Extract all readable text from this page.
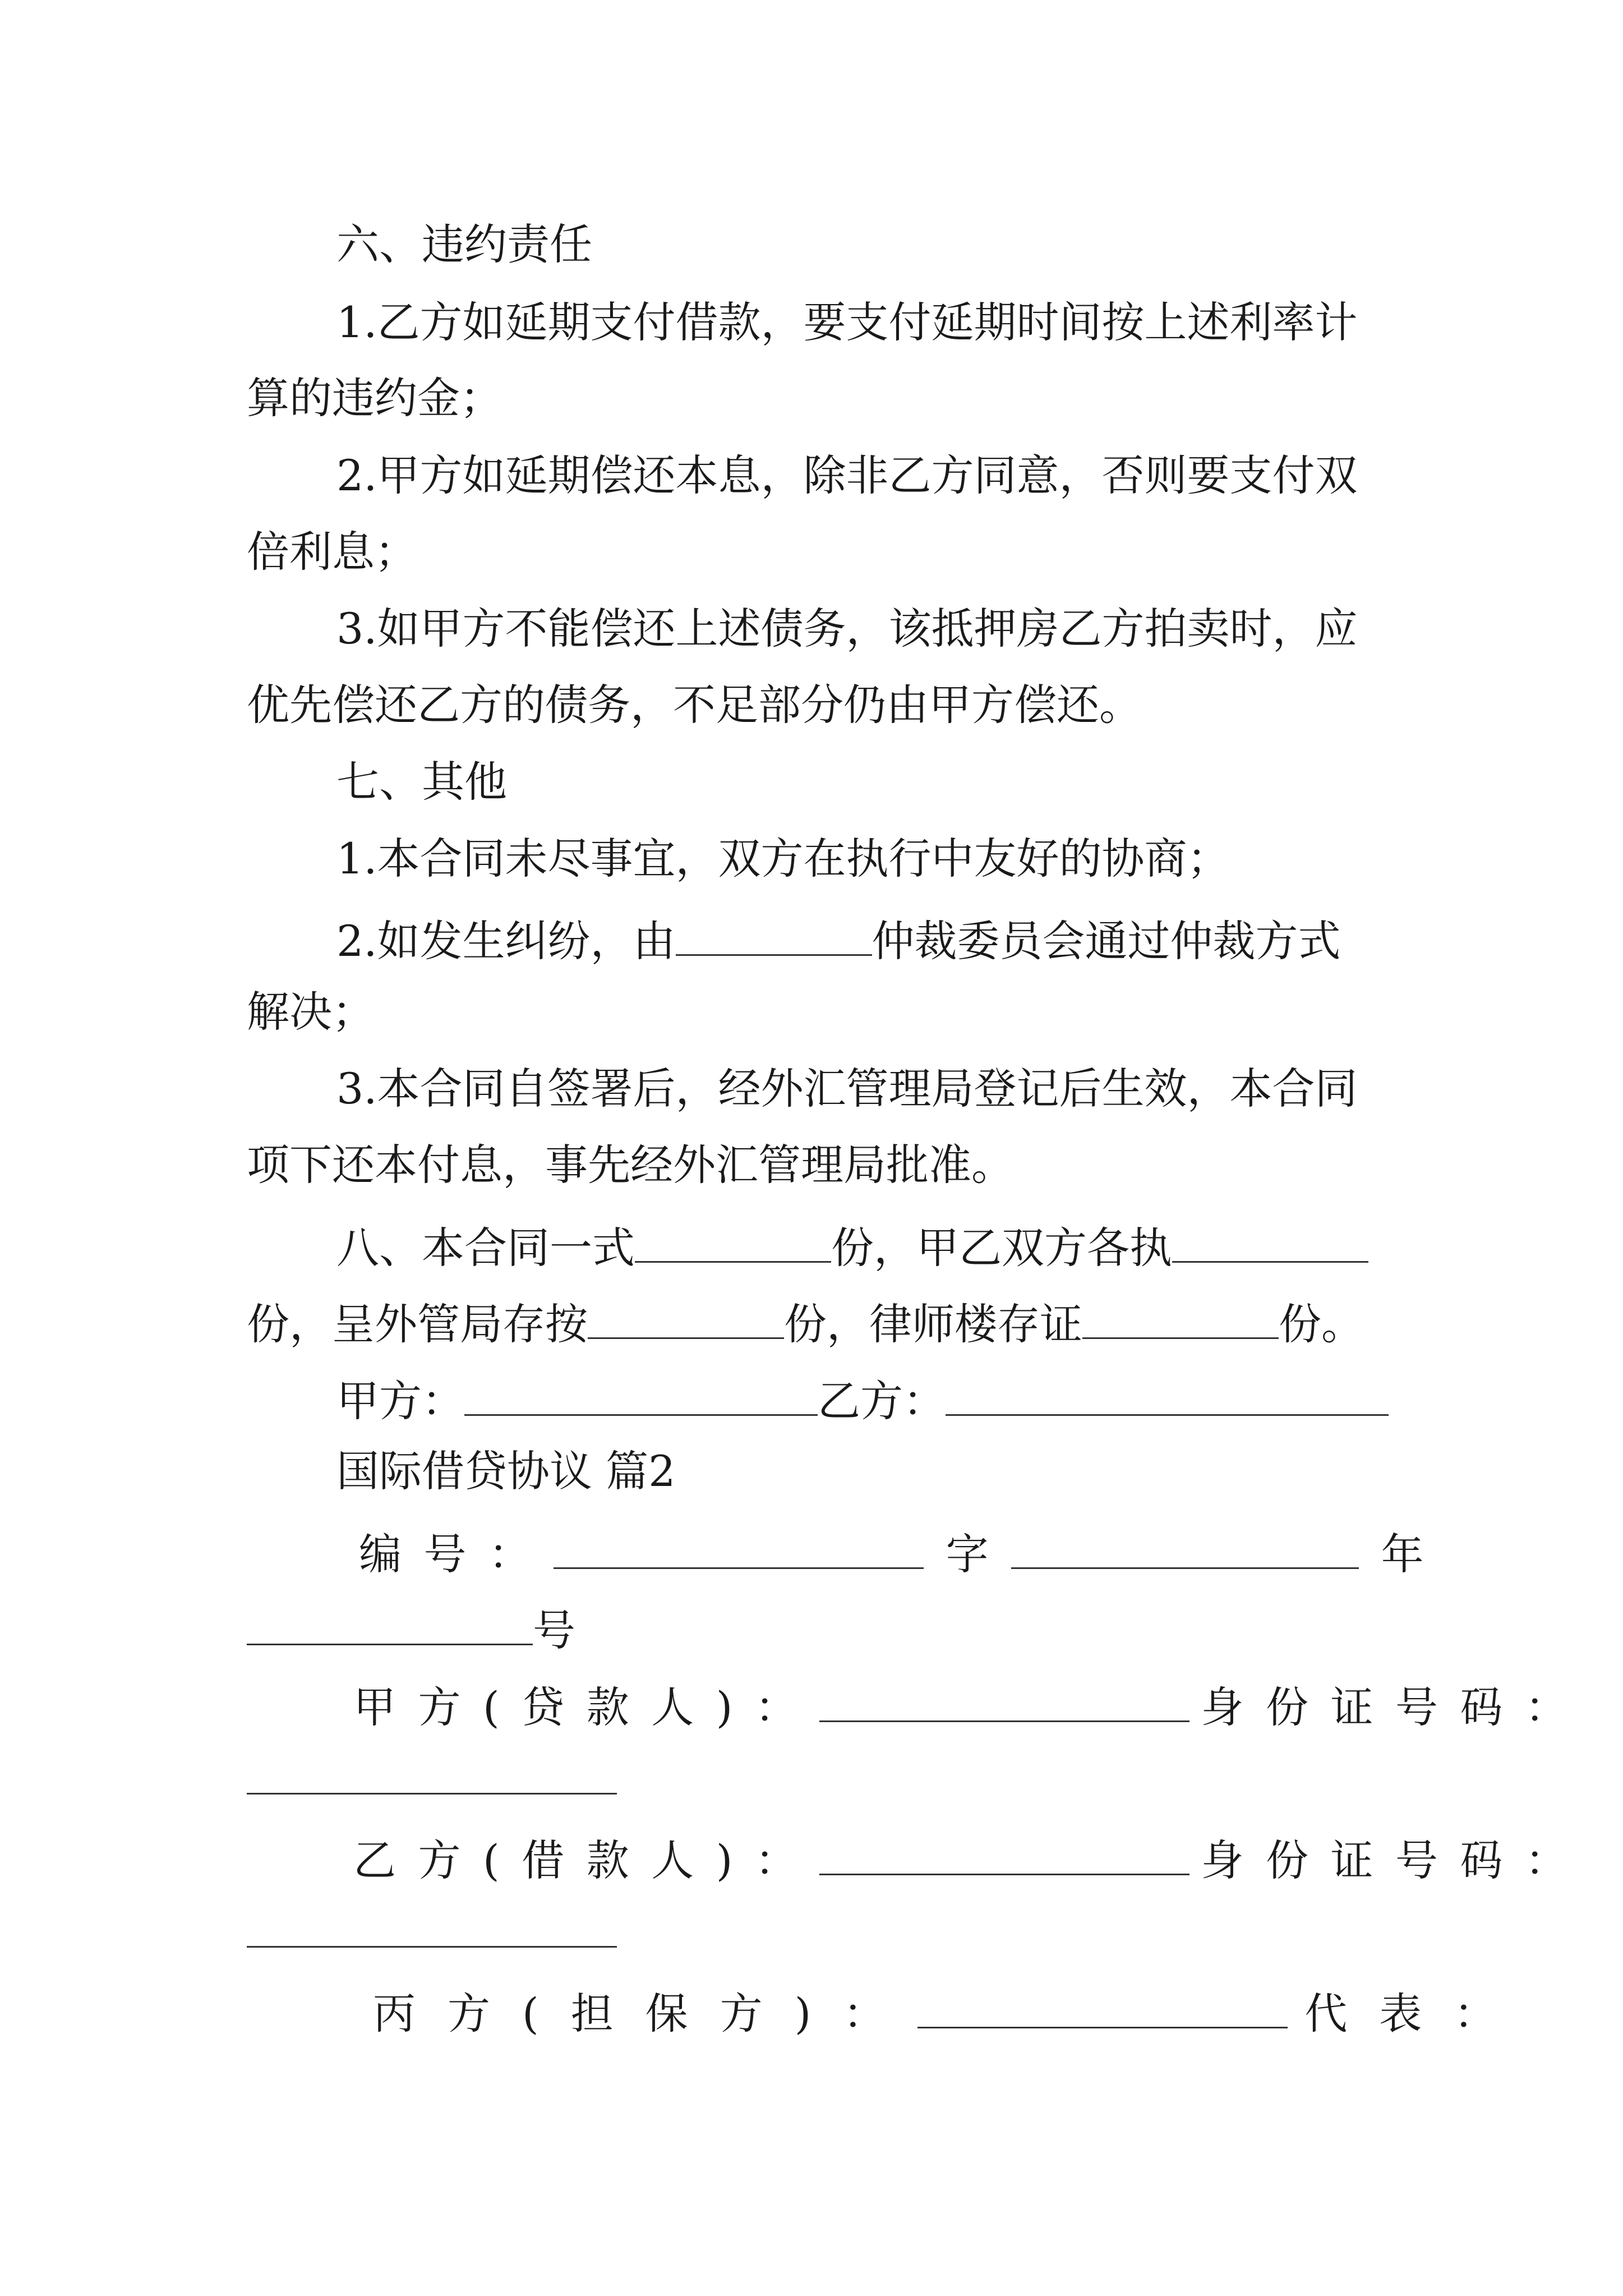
六、违约责任
1.乙方如延期支付借款，要支付延期时间按上述利率计
算的违约金；
2.甲方如延期偿还本息，除非乙方同意，否则要支付双
倍利息；
3.如甲方不能偿还上述债务，该抵押房乙方拍卖时，应
优先偿还乙方的债务，不足部分仍由甲方偿还。
七、其他
1.本合同未尽事宜，双方在执行中友好的协商；
2.如发生纠纷，由	仲裁委员会通过仲裁方式
解决；
3.本合同自签署后，经外汇管理局登记后生效，本合同
项下还本付息，事先经外汇管理局批准。
八、本合同一式	份，甲乙双方各执
份，呈外管局存按	份，律师楼存证	份。
甲方：	乙方：
国际借贷协议 篇2
编号：	字	年
号
甲方(贷款人)：	身份证号码：
乙方(借款人)：	身份证号码：
丙方(担保方)：	代表：
